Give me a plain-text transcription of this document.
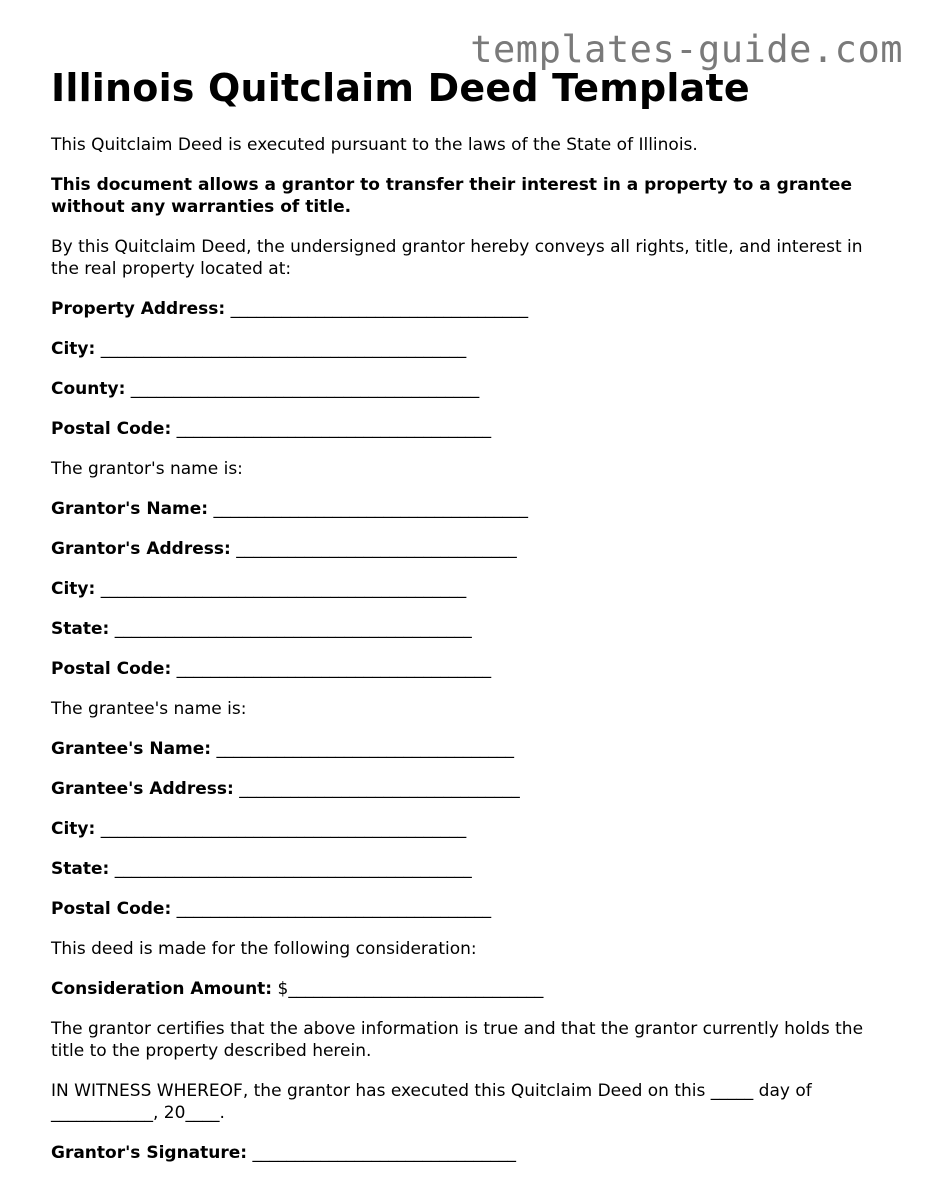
templates-guide.com
Illinois Quitclaim Deed Template

This Quitclaim Deed is executed pursuant to the laws of the State of Illinois.

This document allows a grantor to transfer their interest in a property to a grantee without any warranties of title.

By this Quitclaim Deed, the undersigned grantor hereby conveys all rights, title, and interest in the real property located at:

Property Address: ___________________________________
City: ___________________________________________
County: _________________________________________
Postal Code: _____________________________________

The grantor's name is:

Grantor's Name: _____________________________________
Grantor's Address: _________________________________
City: ___________________________________________
State: __________________________________________
Postal Code: _____________________________________

The grantee's name is:

Grantee's Name: ___________________________________
Grantee's Address: _________________________________
City: ___________________________________________
State: __________________________________________
Postal Code: _____________________________________

This deed is made for the following consideration:

Consideration Amount: $______________________________

The grantor certifies that the above information is true and that the grantor currently holds the title to the property described herein.

IN WITNESS WHEREOF, the grantor has executed this Quitclaim Deed on this _____ day of ____________, 20____.

Grantor's Signature: _______________________________
